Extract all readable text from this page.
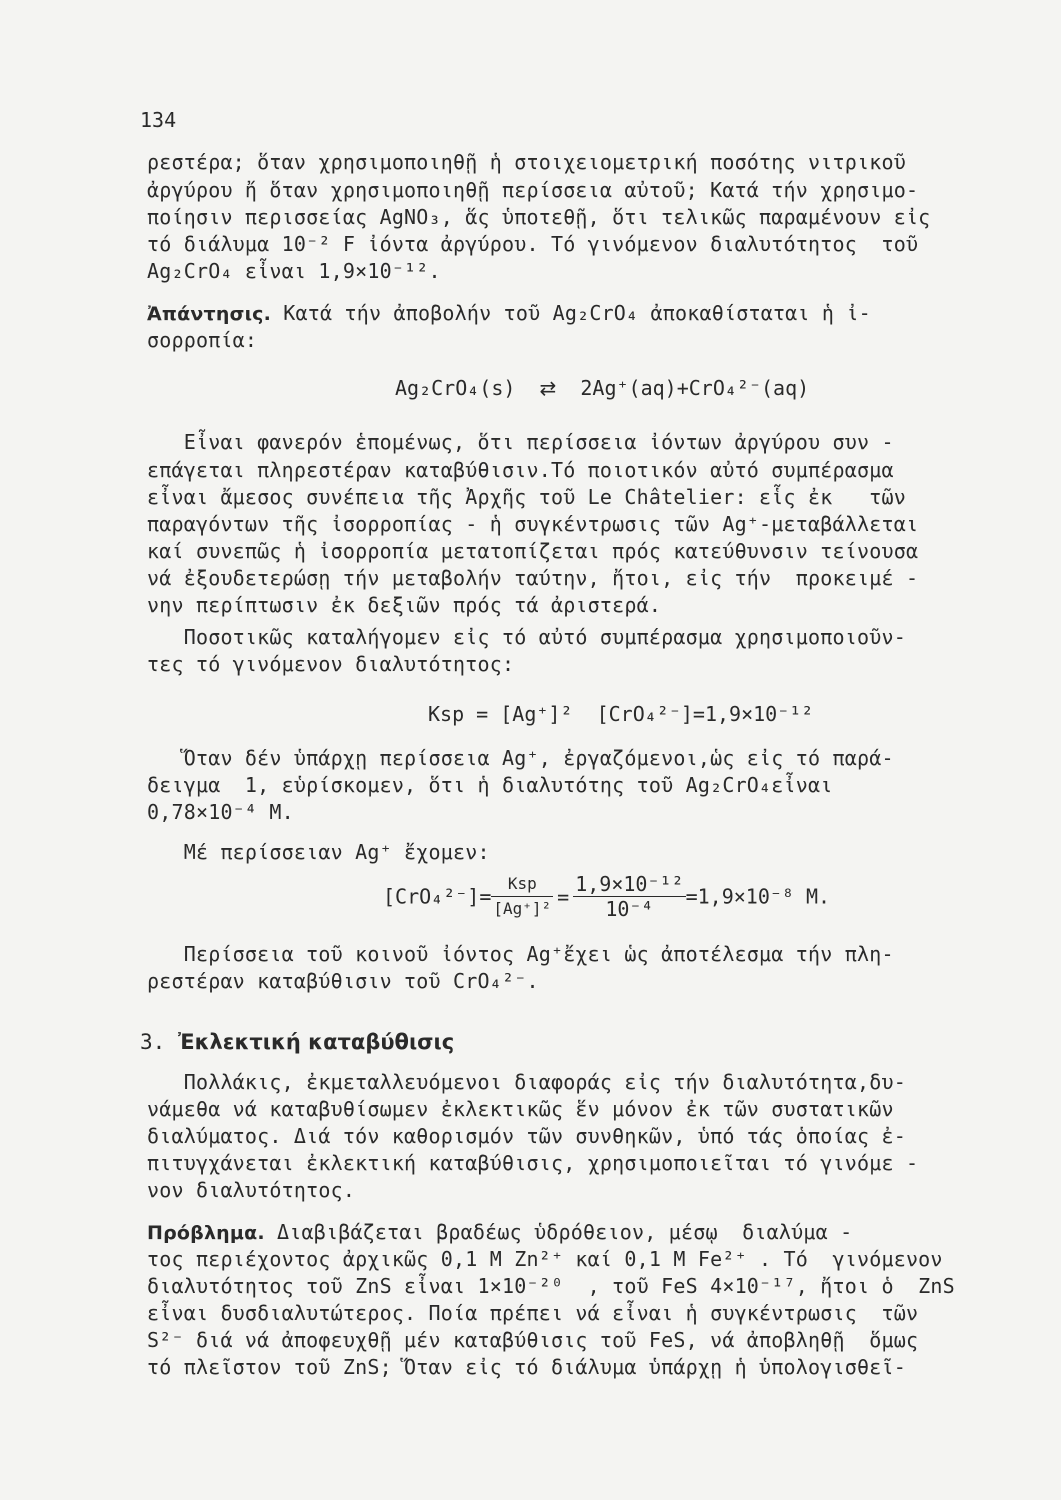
134
ρεστέρα; ὅταν χρησιμοποιηθῇ ἡ στοιχειομετρική ποσότης νιτρικοῦ
ἀργύρου ἤ ὅταν χρησιμοποιηθῇ περίσσεια αὐτοῦ; Κατά τήν χρησιμο-
ποίησιν περισσείας AgNO₃, ἅς ὑποτεθῇ, ὅτι τελικῶς παραμένουν εἰς
τό διάλυμα 10⁻² F ἰόντα ἀργύρου. Τό γινόμενον διαλυτότητος  τοῦ
Ag₂CrO₄ εἶναι 1,9×10⁻¹².
Ἀπάντησις. Κατά τήν ἀποβολήν τοῦ Ag₂CrO₄ ἀποκαθίσταται ἡ ἰ-
σορροπία:
Ag₂CrO₄(s) ⇄ 2Ag⁺(aq)+CrO₄²⁻(aq)
Εἶναι φανερόν ἑπομένως, ὅτι περίσσεια ἰόντων ἀργύρου συν -
επάγεται πληρεστέραν καταβύθισιν.Τό ποιοτικόν αὐτό συμπέρασμα
εἶναι ἄμεσος συνέπεια τῆς Ἀρχῆς τοῦ Le Châtelier: εἷς ἐκ   τῶν
παραγόντων τῆς ἰσορροπίας - ἡ συγκέντρωσις τῶν Ag⁺-μεταβάλλεται
καί συνεπῶς ἡ ἰσορροπία μετατοπίζεται πρός κατεύθυνσιν τείνουσα
νά ἐξουδετερώσῃ τήν μεταβολήν ταύτην, ἤτοι, εἰς τήν  προκειμέ -
νην περίπτωσιν ἐκ δεξιῶν πρός τά ἀριστερά.
Ποσοτικῶς καταλήγομεν εἰς τό αὐτό συμπέρασμα χρησιμοποιοῦν-
τες τό γινόμενον διαλυτότητος:
Ksp = [Ag⁺]²  [CrO₄²⁻]=1,9×10⁻¹²
Ὅταν δέν ὑπάρχῃ περίσσεια Ag⁺, ἐργαζόμενοι,ὡς εἰς τό παρά-
δειγμα  1, εὑρίσκομεν, ὅτι ἡ διαλυτότης τοῦ Ag₂CrO₄εἶναι
0,78×10⁻⁴ M.
Μέ περίσσειαν Ag⁺ ἔχομεν:
$[CrO_4^{2-}]= \frac{\text{Ksp}}{\text{[Ag⁺]²}} = \frac{\text{1,9×10⁻¹²}}{\text{10⁻⁴}} =1,9\times 10^{-8}$ M.
Περίσσεια τοῦ κοινοῦ ἰόντος Ag⁺ἔχει ὡς ἀποτέλεσμα τήν πλη-
ρεστέραν καταβύθισιν τοῦ CrO₄²⁻.
3. Ἐκλεκτική καταβύθισις
Πολλάκις, ἐκμεταλλευόμενοι διαφοράς εἰς τήν διαλυτότητα,δυ-
νάμεθα νά καταβυθίσωμεν ἐκλεκτικῶς ἕν μόνον ἐκ τῶν συστατικῶν
διαλύματος. Διά τόν καθορισμόν τῶν συνθηκῶν, ὑπό τάς ὁποίας ἐ-
πιτυγχάνεται ἐκλεκτική καταβύθισις, χρησιμοποιεῖται τό γινόμε -
νον διαλυτότητος.
Πρόβλημα. Διαβιβάζεται βραδέως ὑδρόθειον, μέσῳ  διαλύμα -
τος περιέχοντος ἀρχικῶς 0,1 M Zn²⁺ καί 0,1 M Fe²⁺ . Τό  γινόμενον
διαλυτότητος τοῦ ZnS εἶναι 1×10⁻²⁰  , τοῦ FeS 4×10⁻¹⁷, ἤτοι ὁ  ZnS
εἶναι δυσδιαλυτώτερος. Ποία πρέπει νά εἶναι ἡ συγκέντρωσις  τῶν
S²⁻ διά νά ἀποφευχθῇ μέν καταβύθισις τοῦ FeS, νά ἀποβληθῇ  ὅμως
τό πλεῖστον τοῦ ZnS; Ὅταν εἰς τό διάλυμα ὑπάρχῃ ἡ ὑπολογισθεῖ-
